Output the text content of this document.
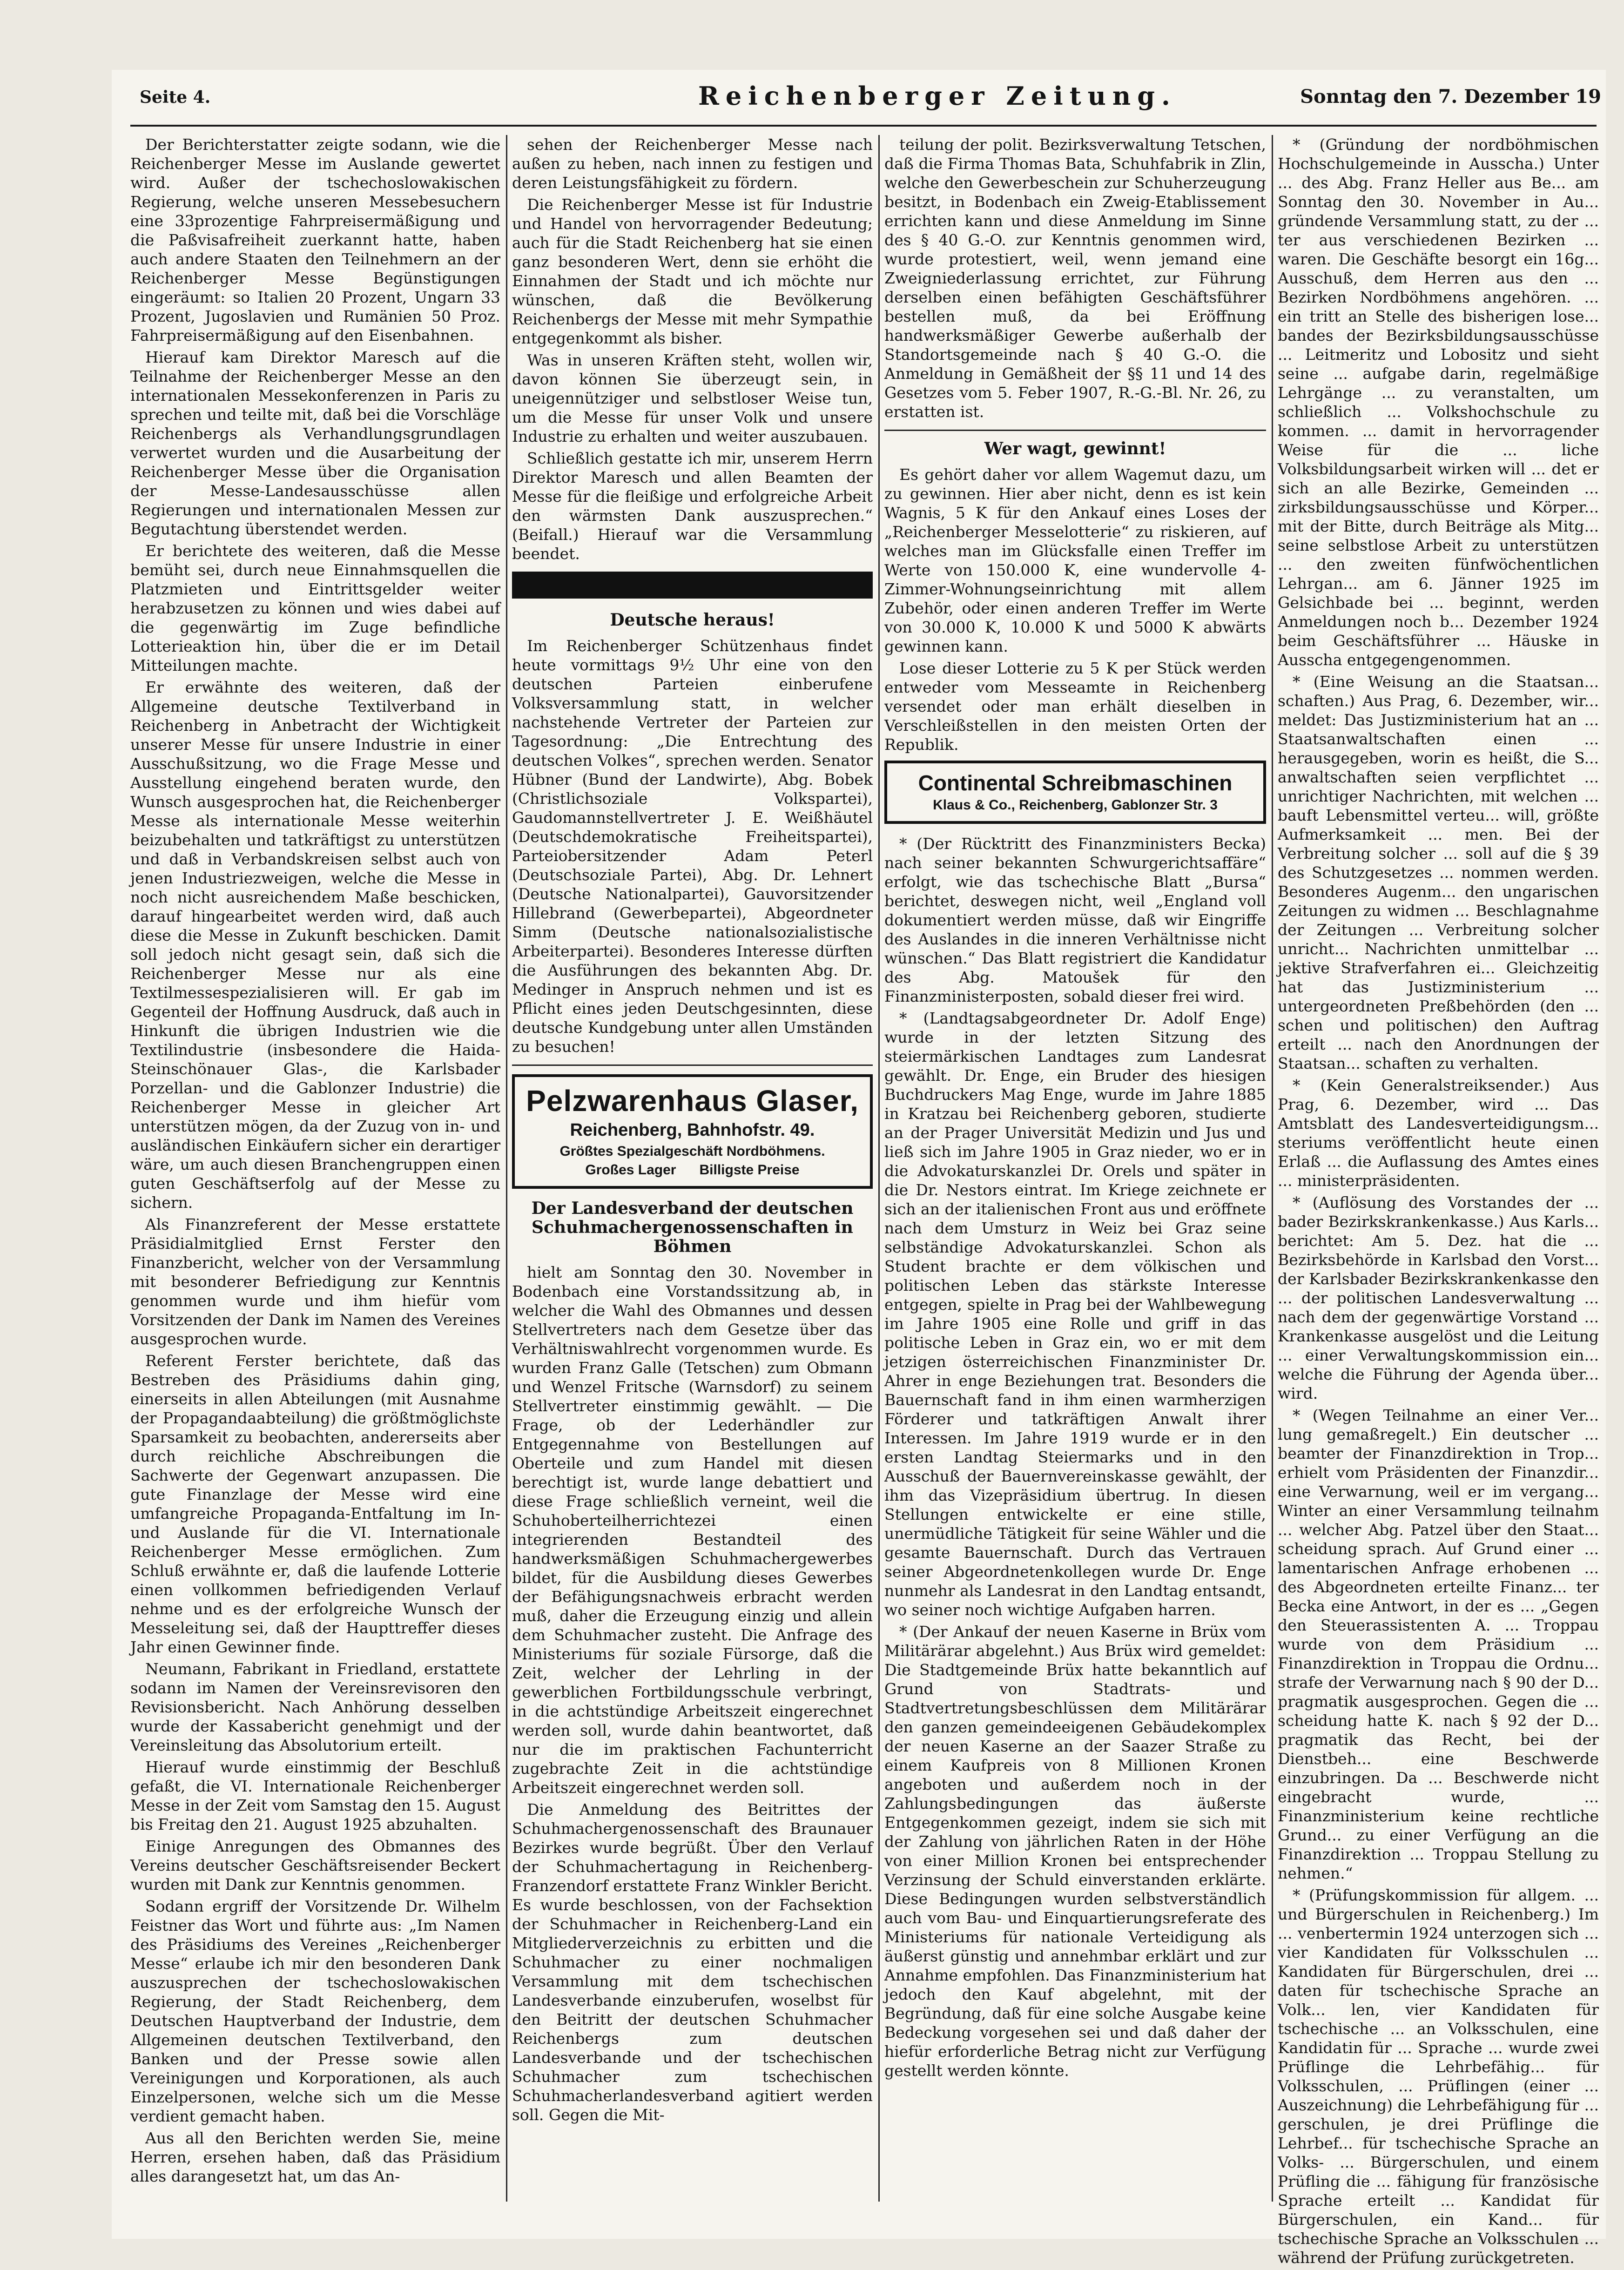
Seite 4.	Reichenberger Zeitung.	Sonntag den 7. Dezember 19

Der Berichterstatter zeigte sodann, wie die Reichenberger Messe im Auslande gewertet wird. Außer der tschechoslowakischen Regierung, welche unseren Messebesuchern eine 33prozentige Fahrpreisermäßigung und die Paßvisafreiheit zuerkannt hatte, haben auch andere Staaten den Teilnehmern an der Reichenberger Messe Begünstigungen eingeräumt: so Italien 20 Prozent, Ungarn 33 Prozent, Jugoslavien und Rumänien 50 Proz. Fahrpreisermäßigung auf den Eisenbahnen.

Hierauf kam Direktor Maresch auf die Teilnahme der Reichenberger Messe an den internationalen Messekonferenzen in Paris zu sprechen und teilte mit, daß bei die Vorschläge Reichenbergs als Verhandlungsgrundlagen verwertet wurden und die Ausarbeitung der Reichenberger Messe über die Organisation der Messe-Landesausschüsse allen Regierungen und internationalen Messen zur Begutachtung überstendet werden.

Er berichtete des weiteren, daß die Messe bemüht sei, durch neue Einnahmsquellen die Platzmieten und Eintrittsgelder weiter herabzusetzen zu können und wies dabei auf die gegenwärtig im Zuge befindliche Lotterieaktion hin, über die er im Detail Mitteilungen machte.

Er erwähnte des weiteren, daß der Allgemeine deutsche Textilverband in Reichenberg in Anbetracht der Wichtigkeit unserer Messe für unsere Industrie in einer Ausschußsitzung, wo die Frage Messe und Ausstellung eingehend beraten wurde, den Wunsch ausgesprochen hat, die Reichenberger Messe als internationale Messe weiterhin beizubehalten und tatkräftigst zu unterstützen und daß in Verbandskreisen selbst auch von jenen Industriezweigen, welche die Messe in noch nicht ausreichendem Maße beschicken, darauf hingearbeitet werden wird, daß auch diese die Messe in Zukunft beschicken. Damit soll jedoch nicht gesagt sein, daß sich die Reichenberger Messe nur als eine Textilmessespezialisieren will. Er gab im Gegenteil der Hoffnung Ausdruck, daß auch in Hinkunft die übrigen Industrien wie die Textilindustrie (insbesondere die Haida-Steinschönauer Glas-, die Karlsbader Porzellan- und die Gablonzer Industrie) die Reichenberger Messe in gleicher Art unterstützen mögen, da der Zuzug von in- und ausländischen Einkäufern sicher ein derartiger wäre, um auch diesen Branchengruppen einen guten Geschäftserfolg auf der Messe zu sichern.

Als Finanzreferent der Messe erstattete Präsidialmitglied Ernst Ferster den Finanzbericht, welcher von der Versammlung mit besonderer Befriedigung zur Kenntnis genommen wurde und ihm hiefür vom Vorsitzenden der Dank im Namen des Vereines ausgesprochen wurde.

Referent Ferster berichtete, daß das Bestreben des Präsidiums dahin ging, einerseits in allen Abteilungen (mit Ausnahme der Propagandaabteilung) die größtmöglichste Sparsamkeit zu beobachten, andererseits aber durch reichliche Abschreibungen die Sachwerte der Gegenwart anzupassen. Die gute Finanzlage der Messe wird eine umfangreiche Propaganda-Entfaltung im In- und Auslande für die VI. Internationale Reichenberger Messe ermöglichen. Zum Schluß erwähnte er, daß die laufende Lotterie einen vollkommen befriedigenden Verlauf nehme und es der erfolgreiche Wunsch der Messeleitung sei, daß der Haupttreffer dieses Jahr einen Gewinner finde.

Neumann, Fabrikant in Friedland, erstattete sodann im Namen der Vereinsrevisoren den Revisionsbericht. Nach Anhörung desselben wurde der Kassabericht genehmigt und der Vereinsleitung das Absolutorium erteilt.

Hierauf wurde einstimmig der Beschluß gefaßt, die VI. Internationale Reichenberger Messe in der Zeit vom Samstag den 15. August bis Freitag den 21. August 1925 abzuhalten.

Einige Anregungen des Obmannes des Vereins deutscher Geschäftsreisender Beckert wurden mit Dank zur Kenntnis genommen.

Sodann ergriff der Vorsitzende Dr. Wilhelm Feistner das Wort und führte aus: „Im Namen des Präsidiums des Vereines „Reichenberger Messe“ erlaube ich mir den besonderen Dank auszusprechen der tschechoslowakischen Regierung, der Stadt Reichenberg, dem Deutschen Hauptverband der Industrie, dem Allgemeinen deutschen Textilverband, den Banken und der Presse sowie allen Vereinigungen und Korporationen, als auch Einzelpersonen, welche sich um die Messe verdient gemacht haben.

Aus all den Berichten werden Sie, meine Herren, ersehen haben, daß das Präsidium alles darangesetzt hat, um das An-

sehen der Reichenberger Messe nach außen zu heben, nach innen zu festigen und deren Leistungsfähigkeit zu fördern.

Die Reichenberger Messe ist für Industrie und Handel von hervorragender Bedeutung; auch für die Stadt Reichenberg hat sie einen ganz besonderen Wert, denn sie erhöht die Einnahmen der Stadt und ich möchte nur wünschen, daß die Bevölkerung Reichenbergs der Messe mit mehr Sympathie entgegenkommt als bisher.

Was in unseren Kräften steht, wollen wir, davon können Sie überzeugt sein, in uneigennütziger und selbstloser Weise tun, um die Messe für unser Volk und unsere Industrie zu erhalten und weiter auszubauen.

Schließlich gestatte ich mir, unserem Herrn Direktor Maresch und allen Beamten der Messe für die fleißige und erfolgreiche Arbeit den wärmsten Dank auszusprechen.“ (Beifall.) Hierauf war die Versammlung beendet.

Deutsche heraus!

Im Reichenberger Schützenhaus findet heute vormittags 9½ Uhr eine von den deutschen Parteien einberufene Volksversammlung statt, in welcher nachstehende Vertreter der Parteien zur Tagesordnung: „Die Entrechtung des deutschen Volkes“, sprechen werden. Senator Hübner (Bund der Landwirte), Abg. Bobek (Christlichsoziale Volkspartei), Gaudomannstellvertreter J. E. Weißhäutel (Deutschdemokratische Freiheitspartei), Parteiobersitzender Adam Peterl (Deutschsoziale Partei), Abg. Dr. Lehnert (Deutsche Nationalpartei), Gauvorsitzender Hillebrand (Gewerbepartei), Abgeordneter Simm (Deutsche nationalsozialistische Arbeiterpartei). Besonderes Interesse dürften die Ausführungen des bekannten Abg. Dr. Medinger in Anspruch nehmen und ist es Pflicht eines jeden Deutschgesinnten, diese deutsche Kundgebung unter allen Umständen zu besuchen!

Pelzwarenhaus Glaser,
Reichenberg, Bahnhofstr. 49.
Größtes Spezialgeschäft Nordböhmens.
Großes Lager Billigste Preise
Der Landesverband der deutschen Schuhmachergenossenschaften in Böhmen

hielt am Sonntag den 30. November in Bodenbach eine Vorstandssitzung ab, in welcher die Wahl des Obmannes und dessen Stellvertreters nach dem Gesetze über das Verhältniswahlrecht vorgenommen wurde. Es wurden Franz Galle (Tetschen) zum Obmann und Wenzel Fritsche (Warnsdorf) zu seinem Stellvertreter einstimmig gewählt. — Die Frage, ob der Lederhändler zur Entgegennahme von Bestellungen auf Oberteile und zum Handel mit diesen berechtigt ist, wurde lange debattiert und diese Frage schließlich verneint, weil die Schuhoberteilherrichtezei einen integrierenden Bestandteil des handwerksmäßigen Schuhmachergewerbes bildet, für die Ausbildung dieses Gewerbes der Befähigungsnachweis erbracht werden muß, daher die Erzeugung einzig und allein dem Schuhmacher zusteht. Die Anfrage des Ministeriums für soziale Fürsorge, daß die Zeit, welcher der Lehrling in der gewerblichen Fortbildungsschule verbringt, in die achtstündige Arbeitszeit eingerechnet werden soll, wurde dahin beantwortet, daß nur die im praktischen Fachunterricht zugebrachte Zeit in die achtstündige Arbeitszeit eingerechnet werden soll.

Die Anmeldung des Beitrittes der Schuhmachergenossenschaft des Braunauer Bezirkes wurde begrüßt. Über den Verlauf der Schuhmachertagung in Reichenberg-Franzendorf erstattete Franz Winkler Bericht. Es wurde beschlossen, von der Fachsektion der Schuhmacher in Reichenberg-Land ein Mitgliederverzeichnis zu erbitten und die Schuhmacher zu einer nochmaligen Versammlung mit dem tschechischen Landesverbande einzuberufen, woselbst für den Beitritt der deutschen Schuhmacher Reichenbergs zum deutschen Landesverbande und der tschechischen Schuhmacher zum tschechischen Schuhmacherlandesverband agitiert werden soll. Gegen die Mit-

teilung der polit. Bezirksverwaltung Tetschen, daß die Firma Thomas Bata, Schuhfabrik in Zlin, welche den Gewerbeschein zur Schuherzeugung besitzt, in Bodenbach ein Zweig-Etablissement errichten kann und diese Anmeldung im Sinne des § 40 G.-O. zur Kenntnis genommen wird, wurde protestiert, weil, wenn jemand eine Zweigniederlassung errichtet, zur Führung derselben einen befähigten Geschäftsführer bestellen muß, da bei Eröffnung handwerksmäßiger Gewerbe außerhalb der Standortsgemeinde nach § 40 G.-O. die Anmeldung in Gemäßheit der §§ 11 und 14 des Gesetzes vom 5. Feber 1907, R.-G.-Bl. Nr. 26, zu erstatten ist.

Wer wagt, gewinnt!

Es gehört daher vor allem Wagemut dazu, um zu gewinnen. Hier aber nicht, denn es ist kein Wagnis, 5 K für den Ankauf eines Loses der „Reichenberger Messelotterie“ zu riskieren, auf welches man im Glücksfalle einen Treffer im Werte von 150.000 K, eine wundervolle 4-Zimmer-Wohnungseinrichtung mit allem Zubehör, oder einen anderen Treffer im Werte von 30.000 K, 10.000 K und 5000 K abwärts gewinnen kann.

Lose dieser Lotterie zu 5 K per Stück werden entweder vom Messeamte in Reichenberg versendet oder man erhält dieselben in Verschleißstellen in den meisten Orten der Republik.

Continental Schreibmaschinen
Klaus & Co., Reichenberg, Gablonzer Str. 3

* (Der Rücktritt des Finanzministers Becka) nach seiner bekannten Schwurgerichtsaffäre“ erfolgt, wie das tschechische Blatt „Bursa“ berichtet, deswegen nicht, weil „England voll dokumentiert werden müsse, daß wir Eingriffe des Auslandes in die inneren Verhältnisse nicht wünschen.“ Das Blatt registriert die Kandidatur des Abg. Matoušek für den Finanzministerposten, sobald dieser frei wird.

* (Landtagsabgeordneter Dr. Adolf Enge) wurde in der letzten Sitzung des steiermärkischen Landtages zum Landesrat gewählt. Dr. Enge, ein Bruder des hiesigen Buchdruckers Mag Enge, wurde im Jahre 1885 in Kratzau bei Reichenberg geboren, studierte an der Prager Universität Medizin und Jus und ließ sich im Jahre 1905 in Graz nieder, wo er in die Advokaturskanzlei Dr. Orels und später in die Dr. Nestors eintrat. Im Kriege zeichnete er sich an der italienischen Front aus und eröffnete nach dem Umsturz in Weiz bei Graz seine selbständige Advokaturskanzlei. Schon als Student brachte er dem völkischen und politischen Leben das stärkste Interesse entgegen, spielte in Prag bei der Wahlbewegung im Jahre 1905 eine Rolle und griff in das politische Leben in Graz ein, wo er mit dem jetzigen österreichischen Finanzminister Dr. Ahrer in enge Beziehungen trat. Besonders die Bauernschaft fand in ihm einen warmherzigen Förderer und tatkräftigen Anwalt ihrer Interessen. Im Jahre 1919 wurde er in den ersten Landtag Steiermarks und in den Ausschuß der Bauernvereinskasse gewählt, der ihm das Vizepräsidium übertrug. In diesen Stellungen entwickelte er eine stille, unermüdliche Tätigkeit für seine Wähler und die gesamte Bauernschaft. Durch das Vertrauen seiner Abgeordnetenkollegen wurde Dr. Enge nunmehr als Landesrat in den Landtag entsandt, wo seiner noch wichtige Aufgaben harren.

* (Der Ankauf der neuen Kaserne in Brüx vom Militärärar abgelehnt.) Aus Brüx wird gemeldet: Die Stadtgemeinde Brüx hatte bekanntlich auf Grund von Stadtrats- und Stadtvertretungsbeschlüssen dem Militärärar den ganzen gemeindeeigenen Gebäudekomplex der neuen Kaserne an der Saazer Straße zu einem Kaufpreis von 8 Millionen Kronen angeboten und außerdem noch in der Zahlungsbedingungen das äußerste Entgegenkommen gezeigt, indem sie sich mit der Zahlung von jährlichen Raten in der Höhe von einer Million Kronen bei entsprechender Verzinsung der Schuld einverstanden erklärte. Diese Bedingungen wurden selbstverständlich auch vom Bau- und Einquartierungsreferate des Ministeriums für nationale Verteidigung als äußerst günstig und annehmbar erklärt und zur Annahme empfohlen. Das Finanzministerium hat jedoch den Kauf abgelehnt, mit der Begründung, daß für eine solche Ausgabe keine Bedeckung vorgesehen sei und daß daher der hiefür erforderliche Betrag nicht zur Verfügung gestellt werden könnte.

* (Gründung der nordböhmischen Hochschulgemeinde in Ausscha.) Unter ... des Abg. Franz Heller aus Be... am Sonntag den 30. November in Au... gründende Versammlung statt, zu der ... ter aus verschiedenen Bezirken ... waren. Die Geschäfte besorgt ein 16g... Ausschuß, dem Herren aus den ... Bezirken Nordböhmens angehören. ... ein tritt an Stelle des bisherigen lose... bandes der Bezirksbildungsausschüsse ... Leitmeritz und Lobositz und sieht seine ... aufgabe darin, regelmäßige Lehrgänge ... zu veranstalten, um schließlich ... Volkshochschule zu kommen. ... damit in hervorragender Weise für die ... liche Volksbildungsarbeit wirken will ... det er sich an alle Bezirke, Gemeinden ... zirksbildungsausschüsse und Körper... mit der Bitte, durch Beiträge als Mitg... seine selbstlose Arbeit zu unterstützen ... den zweiten fünfwöchentlichen Lehrgan... am 6. Jänner 1925 im Gelsichbade bei ... beginnt, werden Anmeldungen noch b... Dezember 1924 beim Geschäftsführer ... Häuske in Ausscha entgegengenommen.

* (Eine Weisung an die Staatsan... schaften.) Aus Prag, 6. Dezember, wir... meldet: Das Justizministerium hat an ... Staatsanwaltschaften einen ... herausgegeben, worin es heißt, die S... anwaltschaften seien verpflichtet ... unrichtiger Nachrichten, mit welchen ... bauft Lebensmittel verteu... will, größte Aufmerksamkeit ... men. Bei der Verbreitung solcher ... soll auf die § 39 des Schutzgesetzes ... nommen werden. Besonderes Augenm... den ungarischen Zeitungen zu widmen ... Beschlagnahme der Zeitungen ... Verbreitung solcher unricht... Nachrichten unmittelbar ... jektive Strafverfahren ei... Gleichzeitig hat das Justizministerium ... untergeordneten Preßbehörden (den ... schen und politischen) den Auftrag erteilt ... nach den Anordnungen der Staatsan... schaften zu verhalten.

* (Kein Generalstreiksender.) Aus Prag, 6. Dezember, wird ... Das Amtsblatt des Landesverteidigungsm... steriums veröffentlicht heute einen Erlaß ... die Auflassung des Amtes eines ... ministerpräsidenten.

* (Auflösung des Vorstandes der ... bader Bezirkskrankenkasse.) Aus Karls... berichtet: Am 5. Dez. hat die ... Bezirksbehörde in Karlsbad den Vorst... der Karlsbader Bezirkskrankenkasse den ... der politischen Landesverwaltung ... nach dem der gegenwärtige Vorstand ... Krankenkasse ausgelöst und die Leitung ... einer Verwaltungskommission ein... welche die Führung der Agenda über... wird.

* (Wegen Teilnahme an einer Ver... lung gemaßregelt.) Ein deutscher ... beamter der Finanzdirektion in Trop... erhielt vom Präsidenten der Finanzdir... eine Verwarnung, weil er im vergang... Winter an einer Versammlung teilnahm ... welcher Abg. Patzel über den Staat... scheidung sprach. Auf Grund einer ... lamentarischen Anfrage erhobenen ... des Abgeordneten erteilte Finanz... ter Becka eine Antwort, in der es ... „Gegen den Steuerassistenten A. ... Troppau wurde von dem Präsidium ... Finanzdirektion in Troppau die Ordnu... strafe der Verwarnung nach § 90 der D... pragmatik ausgesprochen. Gegen die ... scheidung hatte K. nach § 92 der D... pragmatik das Recht, bei der Dienstbeh... eine Beschwerde einzubringen. Da ... Beschwerde nicht eingebracht wurde, ... Finanzministerium keine rechtliche Grund... zu einer Verfügung an die Finanzdirektion ... Troppau Stellung zu nehmen.“

* (Prüfungskommission für allgem. ... und Bürgerschulen in Reichenberg.) Im ... venbertermin 1924 unterzogen sich ... vier Kandidaten für Volksschulen ... Kandidaten für Bürgerschulen, drei ... daten für tschechische Sprache an Volk... len, vier Kandidaten für tschechische ... an Volksschulen, eine Kandidatin für ... Sprache ... wurde zwei Prüflinge die Lehrbefähig... für Volksschulen, ... Prüflingen (einer ... Auszeichnung) die Lehrbefähigung für ... gerschulen, je drei Prüflinge die Lehrbef... für tschechische Sprache an Volks- ... Bürgerschulen, und einem Prüfling die ... fähigung für französische Sprache erteilt ... Kandidat für Bürgerschulen, ein Kand... für tschechische Sprache an Volksschulen ... während der Prüfung zurückgetreten.
